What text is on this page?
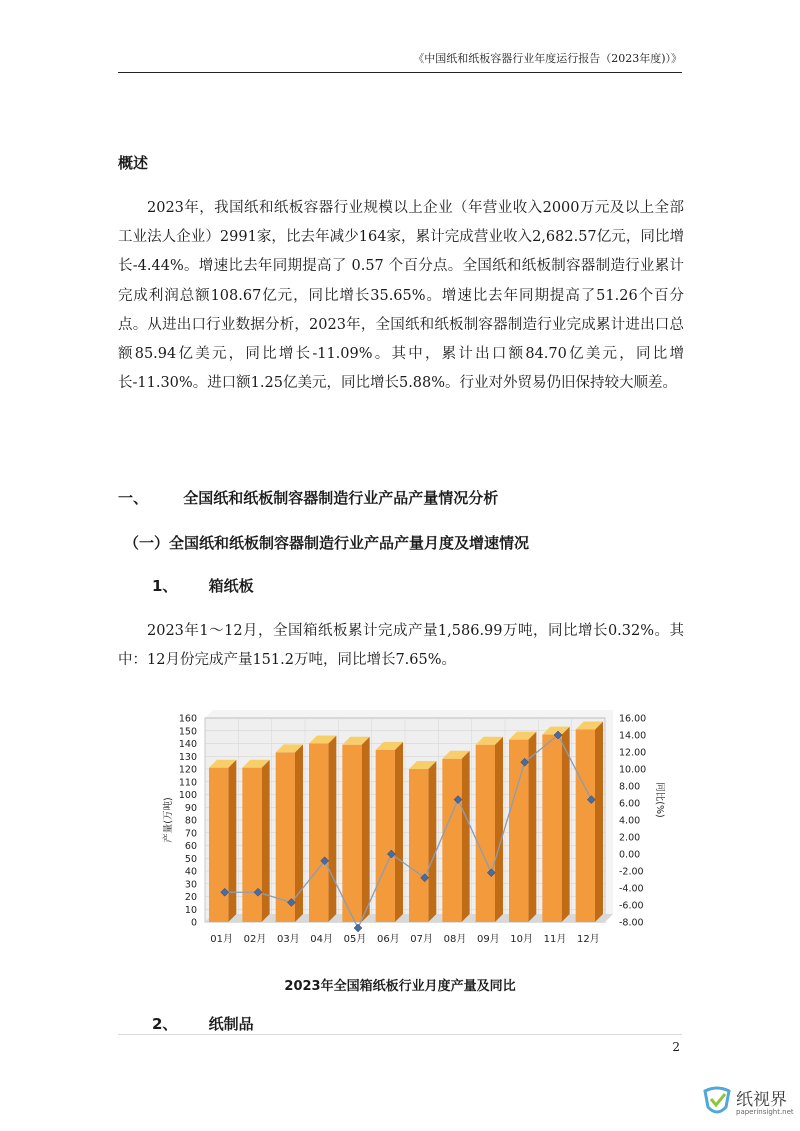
《中国纸和纸板容器行业年度运行报告（2023年度)）》
概述

2023年，我国纸和纸板容器行业规模以上企业（年营业收入2000万元及以上全部工业法人企业）2991家，比去年减少164家，累计完成营业收入2,682.57亿元，同比增长-4.44%。增速比去年同期提高了 0.57 个百分点。全国纸和纸板制容器制造行业累计完成利润总额108.67亿元，同比增长35.65%。增速比去年同期提高了51.26个百分点。从进出口行业数据分析，2023年，全国纸和纸板制容器制造行业完成累计进出口总额85.94亿美元，同比增长-11.09%。其中，累计出口额84.70亿美元，同比增长-11.30%。进口额1.25亿美元，同比增长5.88%。行业对外贸易仍旧保持较大顺差。

一、 全国纸和纸板制容器制造行业产品产量情况分析
（一）全国纸和纸板制容器制造行业产品产量月度及增速情况
1、 箱纸板

2023年1～12月，全国箱纸板累计完成产量1,586.99万吨，同比增长0.32%。其中：12月份完成产量151.2万吨，同比增长7.65%。

160
150
140
130
120
110
100
90
80
70
60
50
40
30
20
10
0
16.00
14.00
12.00
10.00
8.00
6.00
4.00
2.00
0.00
-2.00
-4.00
-6.00
-8.00
01月 02月 03月 04月 05月 06月 07月 08月 09月 10月 11月 12月
产量(万吨)	同比(%)
2023年全国箱纸板行业月度产量及同比
2、 纸制品
2
纸视界
paperinsight.net
